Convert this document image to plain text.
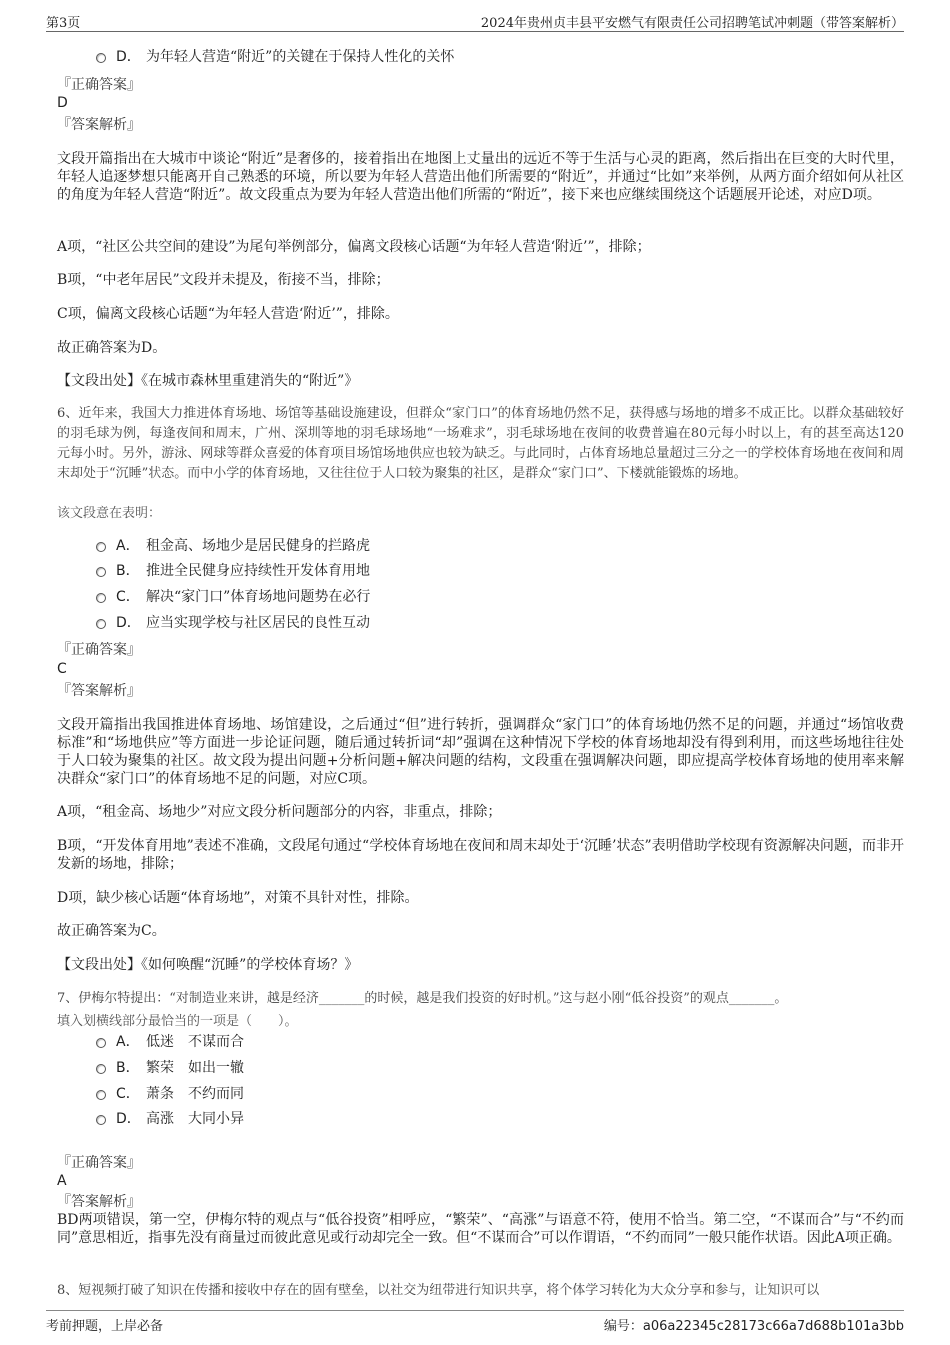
第3页	2024年贵州贞丰县平安燃气有限责任公司招聘笔试冲刺题（带答案解析）
D． 为年轻人营造“附近”的关键在于保持人性化的关怀
『正确答案』
D
『答案解析』
文段开篇指出在大城市中谈论“附近”是奢侈的，接着指出在地图上丈量出的远近不等于生活与心灵的距离，然后指出在巨变的大时代里，年轻人追逐梦想只能离开自己熟悉的环境，所以要为年轻人营造出他们所需要的“附近”，并通过“比如”来举例，从两方面介绍如何从社区的角度为年轻人营造“附近”。故文段重点为要为年轻人营造出他们所需的“附近”，接下来也应继续围绕这个话题展开论述，对应D项。
A项，“社区公共空间的建设”为尾句举例部分，偏离文段核心话题“为年轻人营造‘附近’”，排除；
B项，“中老年居民”文段并未提及，衔接不当，排除；
C项，偏离文段核心话题“为年轻人营造‘附近’”，排除。
故正确答案为D。
【文段出处】《在城市森林里重建消失的“附近”》
6、近年来，我国大力推进体育场地、场馆等基础设施建设，但群众“家门口”的体育场地仍然不足，获得感与场地的增多不成正比。以群众基础较好的羽毛球为例，每逢夜间和周末，广州、深圳等地的羽毛球场地“一场难求”，羽毛球场地在夜间的收费普遍在80元每小时以上，有的甚至高达120元每小时。另外，游泳、网球等群众喜爱的体育项目场馆场地供应也较为缺乏。与此同时，占体育场地总量超过三分之一的学校体育场地在夜间和周末却处于“沉睡”状态。而中小学的体育场地，又往往位于人口较为聚集的社区，是群众“家门口”、下楼就能锻炼的场地。
该文段意在表明：
A． 租金高、场地少是居民健身的拦路虎
B． 推进全民健身应持续性开发体育用地
C． 解决“家门口”体育场地问题势在必行
D． 应当实现学校与社区居民的良性互动
『正确答案』
C
『答案解析』
文段开篇指出我国推进体育场地、场馆建设，之后通过“但”进行转折，强调群众“家门口”的体育场地仍然不足的问题，并通过“场馆收费标准”和“场地供应”等方面进一步论证问题，随后通过转折词“却”强调在这种情况下学校的体育场地却没有得到利用，而这些场地往往处于人口较为聚集的社区。故文段为提出问题+分析问题+解决问题的结构，文段重在强调解决问题，即应提高学校体育场地的使用率来解决群众“家门口”的体育场地不足的问题，对应C项。
A项，“租金高、场地少”对应文段分析问题部分的内容，非重点，排除；
B项，“开发体育用地”表述不准确，文段尾句通过“学校体育场地在夜间和周末却处于‘沉睡’状态”表明借助学校现有资源解决问题，而非开发新的场地，排除；
D项，缺少核心话题“体育场地”，对策不具针对性，排除。
故正确答案为C。
【文段出处】《如何唤醒“沉睡”的学校体育场？》
7、伊梅尔特提出：“对制造业来讲，越是经济_______的时候，越是我们投资的好时机。”这与赵小刚“低谷投资”的观点_______。
填入划横线部分最恰当的一项是（　　）。
A． 低迷 不谋而合
B． 繁荣 如出一辙
C． 萧条 不约而同
D． 高涨 大同小异
『正确答案』
A
『答案解析』
BD两项错误，第一空，伊梅尔特的观点与“低谷投资”相呼应，“繁荣”、“高涨”与语意不符，使用不恰当。第二空，“不谋而合”与“不约而同”意思相近，指事先没有商量过而彼此意见或行动却完全一致。但“不谋而合”可以作谓语，“不约而同”一般只能作状语。因此A项正确。
8、短视频打破了知识在传播和接收中存在的固有壁垒，以社交为纽带进行知识共享，将个体学习转化为大众分享和参与，让知识可以
考前押题，上岸必备	编号：a06a22345c28173c66a7d688b101a3bb
